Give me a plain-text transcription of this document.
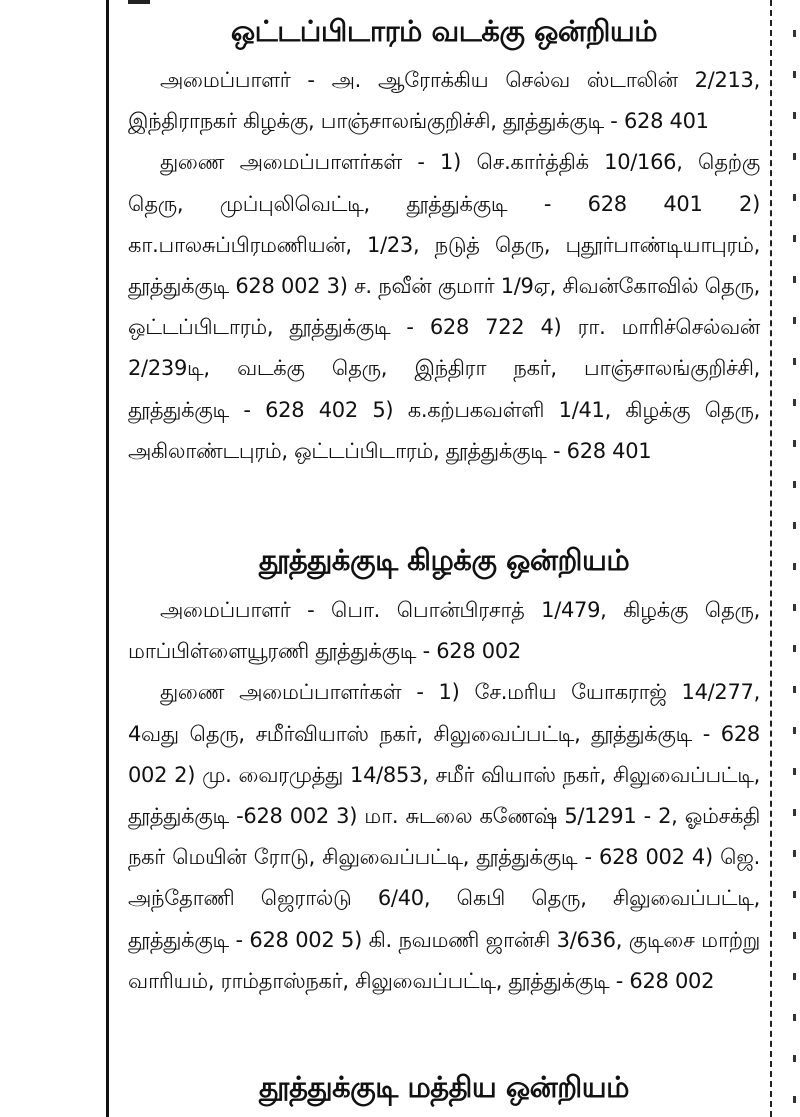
ஒட்டப்பிடாரம் வடக்கு ஒன்றியம்

அமைப்பாளர் - அ. ஆரோக்கிய செல்வ ஸ்டாலின் 2/213, இந்திராநகர் கிழக்கு, பாஞ்சாலங்குறிச்சி, தூத்துக்குடி - 628 401

துணை அமைப்பாளர்கள் - 1) செ.கார்த்திக் 10/166, தெற்கு தெரு, முப்புலிவெட்டி, தூத்துக்குடி - 628 401 2) கா.பாலசுப்பிரமணியன், 1/23, நடுத் தெரு, புதூர்பாண்டியாபுரம், தூத்துக்குடி 628 002 3) ச. நவீன் குமார் 1/9ஏ, சிவன்கோவில் தெரு, ஒட்டப்பிடாரம், தூத்துக்குடி - 628 722 4) ரா. மாரிச்செல்வன் 2/239டி, வடக்கு தெரு, இந்திரா நகர், பாஞ்சாலங்குறிச்சி, தூத்துக்குடி - 628 402 5) க.கற்பகவள்ளி 1/41, கிழக்கு தெரு, அகிலாண்டபுரம், ஒட்டப்பிடாரம், தூத்துக்குடி - 628 401

தூத்துக்குடி கிழக்கு ஒன்றியம்

அமைப்பாளர் - பொ. பொன்பிரசாத் 1/479, கிழக்கு தெரு, மாப்பிள்ளையூரணி தூத்துக்குடி - 628 002

துணை அமைப்பாளர்கள் - 1) சே.மரிய யோகராஜ் 14/277, 4வது தெரு, சமீர்வியாஸ் நகர், சிலுவைப்பட்டி, தூத்துக்குடி - 628 002 2) மு. வைரமுத்து 14/853, சமீர் வியாஸ் நகர், சிலுவைப்பட்டி, தூத்துக்குடி -628 002 3) மா. சுடலை கணேஷ் 5/1291 - 2, ஓம்சக்தி நகர் மெயின் ரோடு, சிலுவைப்பட்டி, தூத்துக்குடி - 628 002 4) ஜெ. அந்தோணி ஜெரால்டு 6/40, கெபி தெரு, சிலுவைப்பட்டி, தூத்துக்குடி - 628 002 5) கி. நவமணி ஜான்சி 3/636, குடிசை மாற்று வாரியம், ராம்தாஸ்நகர், சிலுவைப்பட்டி, தூத்துக்குடி - 628 002

தூத்துக்குடி மத்திய ஒன்றியம்
